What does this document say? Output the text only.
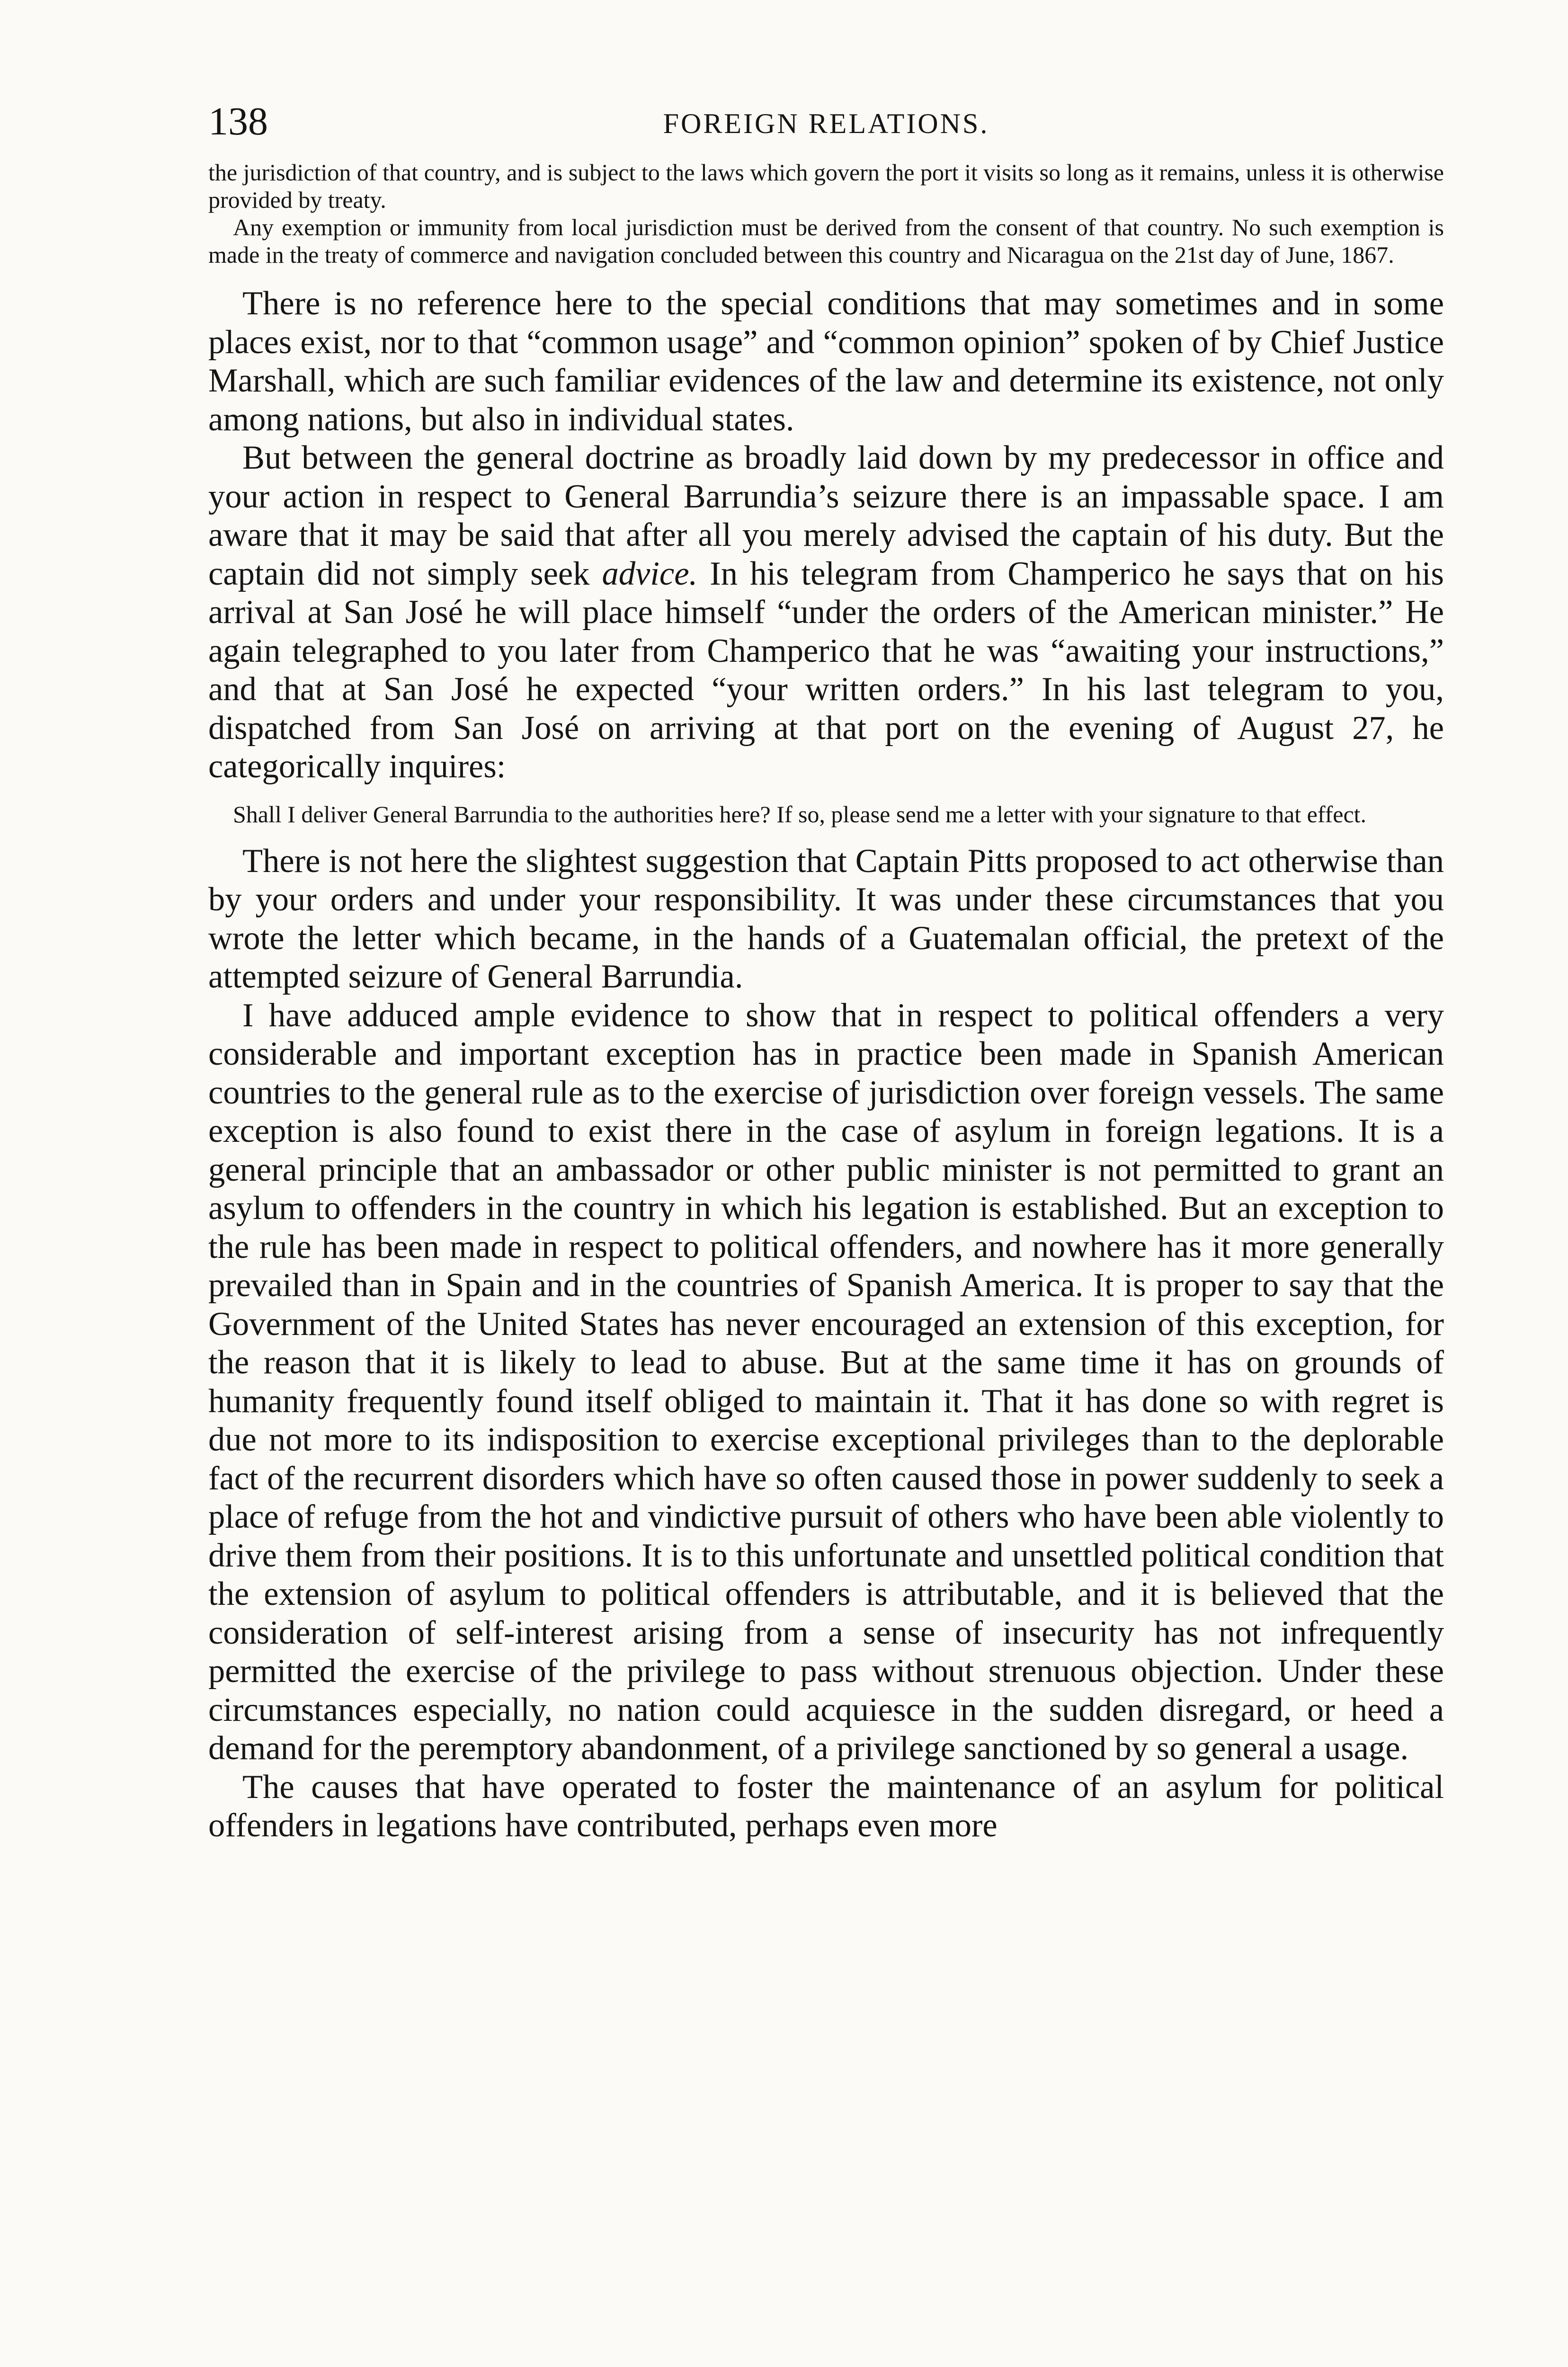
138	FOREIGN RELATIONS.

the jurisdiction of that country, and is subject to the laws which govern the port it visits so long as it remains, unless it is otherwise provided by treaty.

Any exemption or immunity from local jurisdiction must be derived from the consent of that country. No such exemption is made in the treaty of commerce and navigation concluded between this country and Nicaragua on the 21st day of June, 1867.

There is no reference here to the special conditions that may sometimes and in some places exist, nor to that “common usage” and “common opinion” spoken of by Chief Justice Marshall, which are such familiar evidences of the law and determine its existence, not only among nations, but also in individual states.

But between the general doctrine as broadly laid down by my predecessor in office and your action in respect to General Barrundia’s seizure there is an impassable space. I am aware that it may be said that after all you merely advised the captain of his duty. But the captain did not simply seek advice. In his telegram from Champerico he says that on his arrival at San José he will place himself “under the orders of the American minister.” He again telegraphed to you later from Champerico that he was “awaiting your instructions,” and that at San José he expected “your written orders.” In his last telegram to you, dispatched from San José on arriving at that port on the evening of August 27, he categorically inquires:

Shall I deliver General Barrundia to the authorities here? If so, please send me a letter with your signature to that effect.

There is not here the slightest suggestion that Captain Pitts proposed to act otherwise than by your orders and under your responsibility. It was under these circumstances that you wrote the letter which became, in the hands of a Guatemalan official, the pretext of the attempted seizure of General Barrundia.

I have adduced ample evidence to show that in respect to political offenders a very considerable and important exception has in practice been made in Spanish American countries to the general rule as to the exercise of jurisdiction over foreign vessels. The same exception is also found to exist there in the case of asylum in foreign legations. It is a general principle that an ambassador or other public minister is not permitted to grant an asylum to offenders in the country in which his legation is established. But an exception to the rule has been made in respect to political offenders, and nowhere has it more generally prevailed than in Spain and in the countries of Spanish America. It is proper to say that the Government of the United States has never encouraged an extension of this exception, for the reason that it is likely to lead to abuse. But at the same time it has on grounds of humanity frequently found itself obliged to maintain it. That it has done so with regret is due not more to its indisposition to exercise exceptional privileges than to the deplorable fact of the recurrent disorders which have so often caused those in power suddenly to seek a place of refuge from the hot and vindictive pursuit of others who have been able violently to drive them from their positions. It is to this unfortunate and unsettled political condition that the extension of asylum to political offenders is attributable, and it is believed that the consideration of self-interest arising from a sense of insecurity has not infrequently permitted the exercise of the privilege to pass without strenuous objection. Under these circumstances especially, no nation could acquiesce in the sudden disregard, or heed a demand for the peremptory abandonment, of a privilege sanctioned by so general a usage.

The causes that have operated to foster the maintenance of an asylum for political offenders in legations have contributed, perhaps even more
